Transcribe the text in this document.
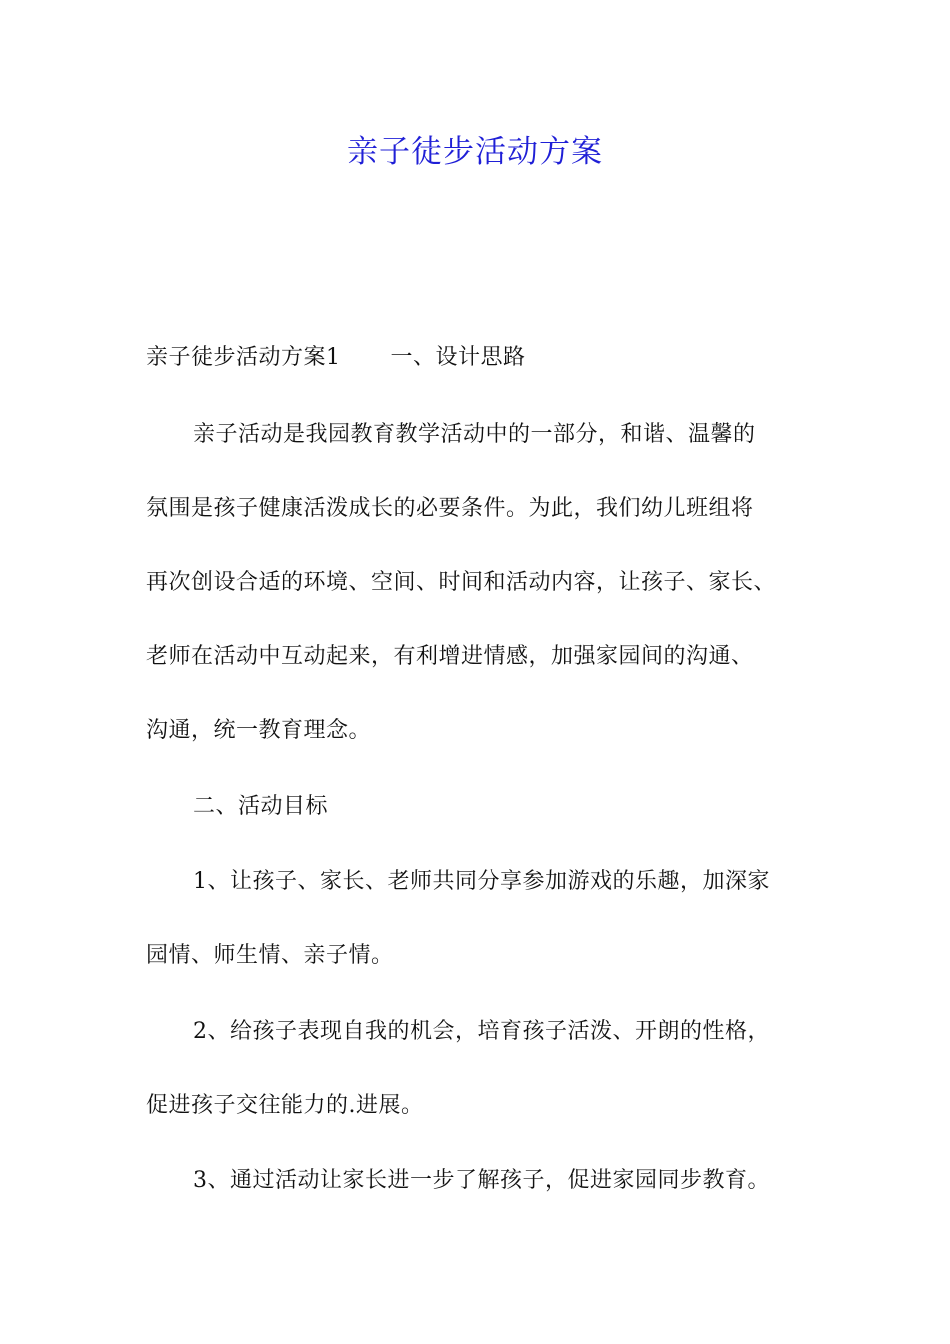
亲子徒步活动方案
亲子徒步活动方案1 一、设计思路
亲子活动是我园教育教学活动中的一部分，和谐、温馨的
氛围是孩子健康活泼成长的必要条件。为此，我们幼儿班组将
再次创设合适的环境、空间、时间和活动内容，让孩子、家长、
老师在活动中互动起来，有利增进情感，加强家园间的沟通、
沟通，统一教育理念。
二、活动目标
1、让孩子、家长、老师共同分享参加游戏的乐趣，加深家
园情、师生情、亲子情。
2、给孩子表现自我的机会，培育孩子活泼、开朗的性格，
促进孩子交往能力的.进展。
3、通过活动让家长进一步了解孩子，促进家园同步教育。
